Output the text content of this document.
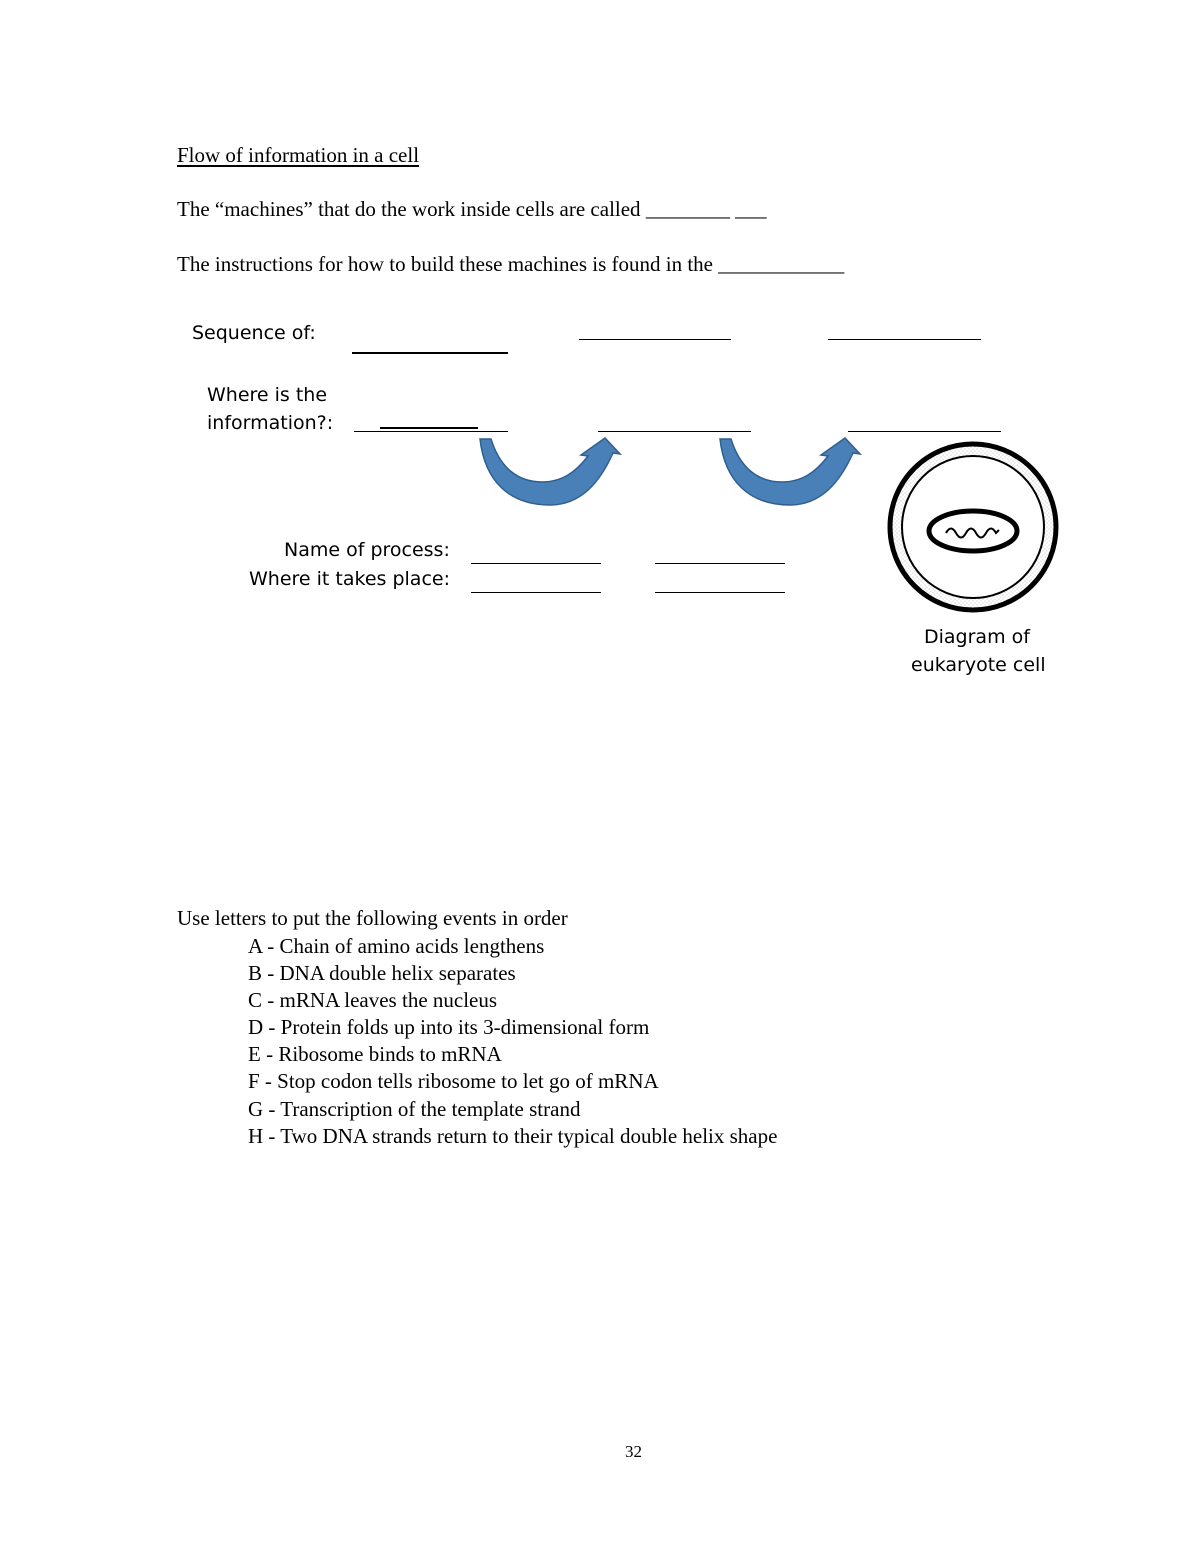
Flow of information in a cell
The “machines” that do the work inside cells are called ________ ___
The instructions for how to build these machines is found in the ____________
Sequence of:
Where is the
information?:
Name of process:
Where it takes place:
Diagram of
eukaryote cell
Use letters to put the following events in order
A - Chain of amino acids lengthens
B - DNA double helix separates
C - mRNA leaves the nucleus
D - Protein folds up into its 3-dimensional form
E - Ribosome binds to mRNA
F - Stop codon tells ribosome to let go of mRNA
G - Transcription of the template strand
H - Two DNA strands return to their typical double helix shape
32
